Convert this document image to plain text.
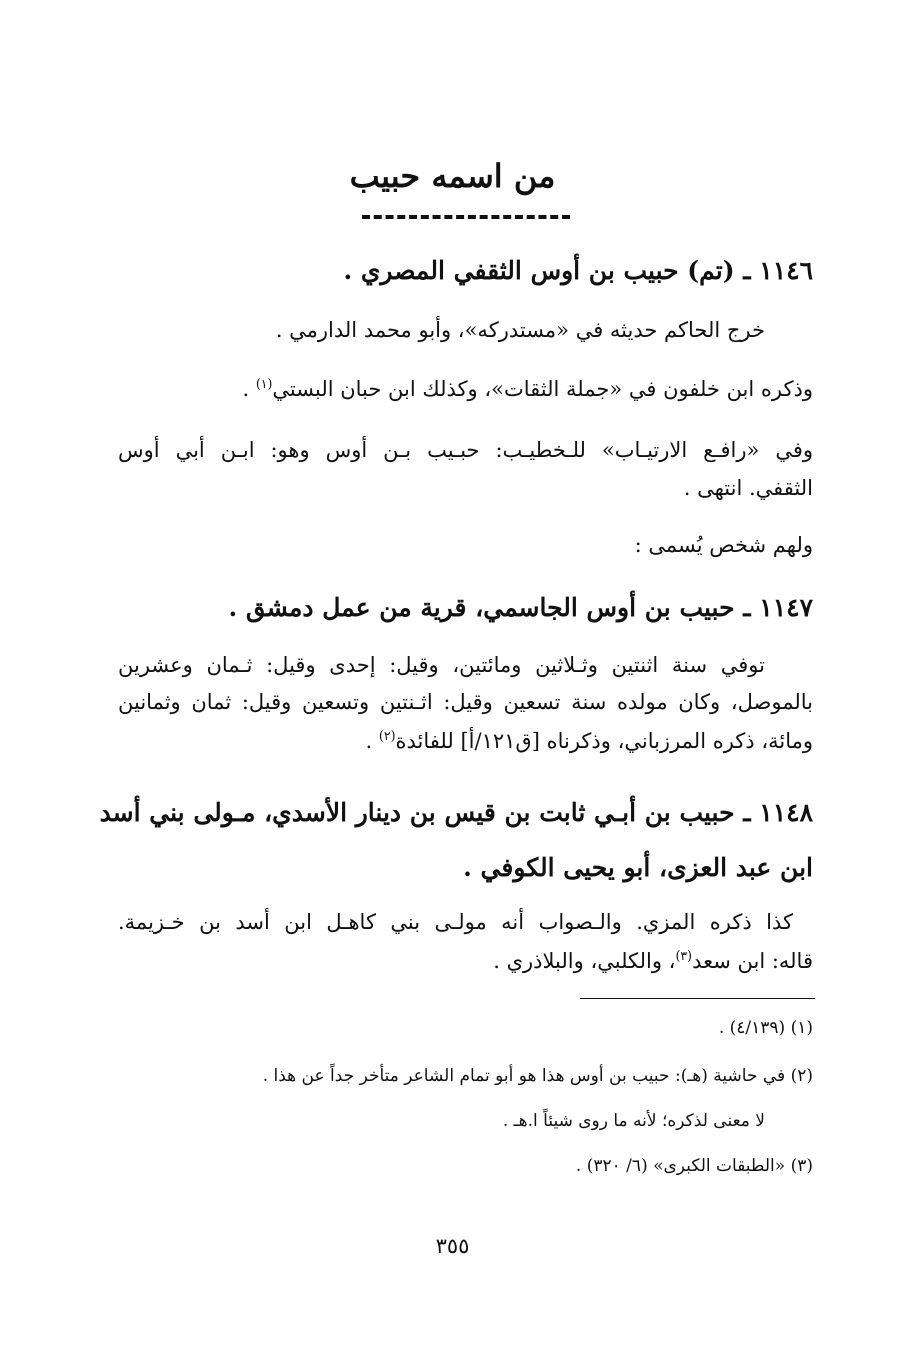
من اسمه حبيب
١١٤٦ ـ (تم) حبيب بن أوس الثقفي المصري .
خرج الحاكم حديثه في «مستدركه»، وأبو محمد الدارمي .
وذكره ابن خلفون في «جملة الثقات»، وكذلك ابن حبان البستي$^{(١)}$ .
وفي «رافـع الارتيـاب» للـخطيـب: حبـيب بـن أوس وهو: ابـن أبي أوس
الثقفي. انتهى .
ولهم شخص يُسمى :
١١٤٧ ـ حبيب بن أوس الجاسمي، قرية من عمل دمشق .
توفي سنة اثنتين وثـلاثين ومائتين، وقيل: إحدى وقيل: ثـمان وعشرين
بالموصل، وكان مولده سنة تسعين وقيل: اثـنتين وتسعين وقيل: ثمان وثمانين
ومائة، ذكره المرزباني، وذكرناه [ق١٢١/أ] للفائدة$^{(٢)}$ .
١١٤٨ ـ حبيب بن أبـي ثابت بن قيس بن دينار الأسدي، مـولى بني أسد
ابن عبد العزى، أبو يحيى الكوفي .
كذا ذكره المزي. والـصواب أنه مولـى بني كاهـل ابن أسد بن خـزيمة.
قاله: ابن سعد$^{(٣)}$، والكلبي، والبلاذري .
(١) (٤/١٣٩) .
(٢) في حاشية (هـ): حبيب بن أوس هذا هو أبو تمام الشاعر متأخر جداً عن هذا .
لا معنى لذكره؛ لأنه ما روى شيئاً ا.هـ .
(٣) «الطبقات الكبرى» (٦/ ٣٢٠) .
٣٥٥
